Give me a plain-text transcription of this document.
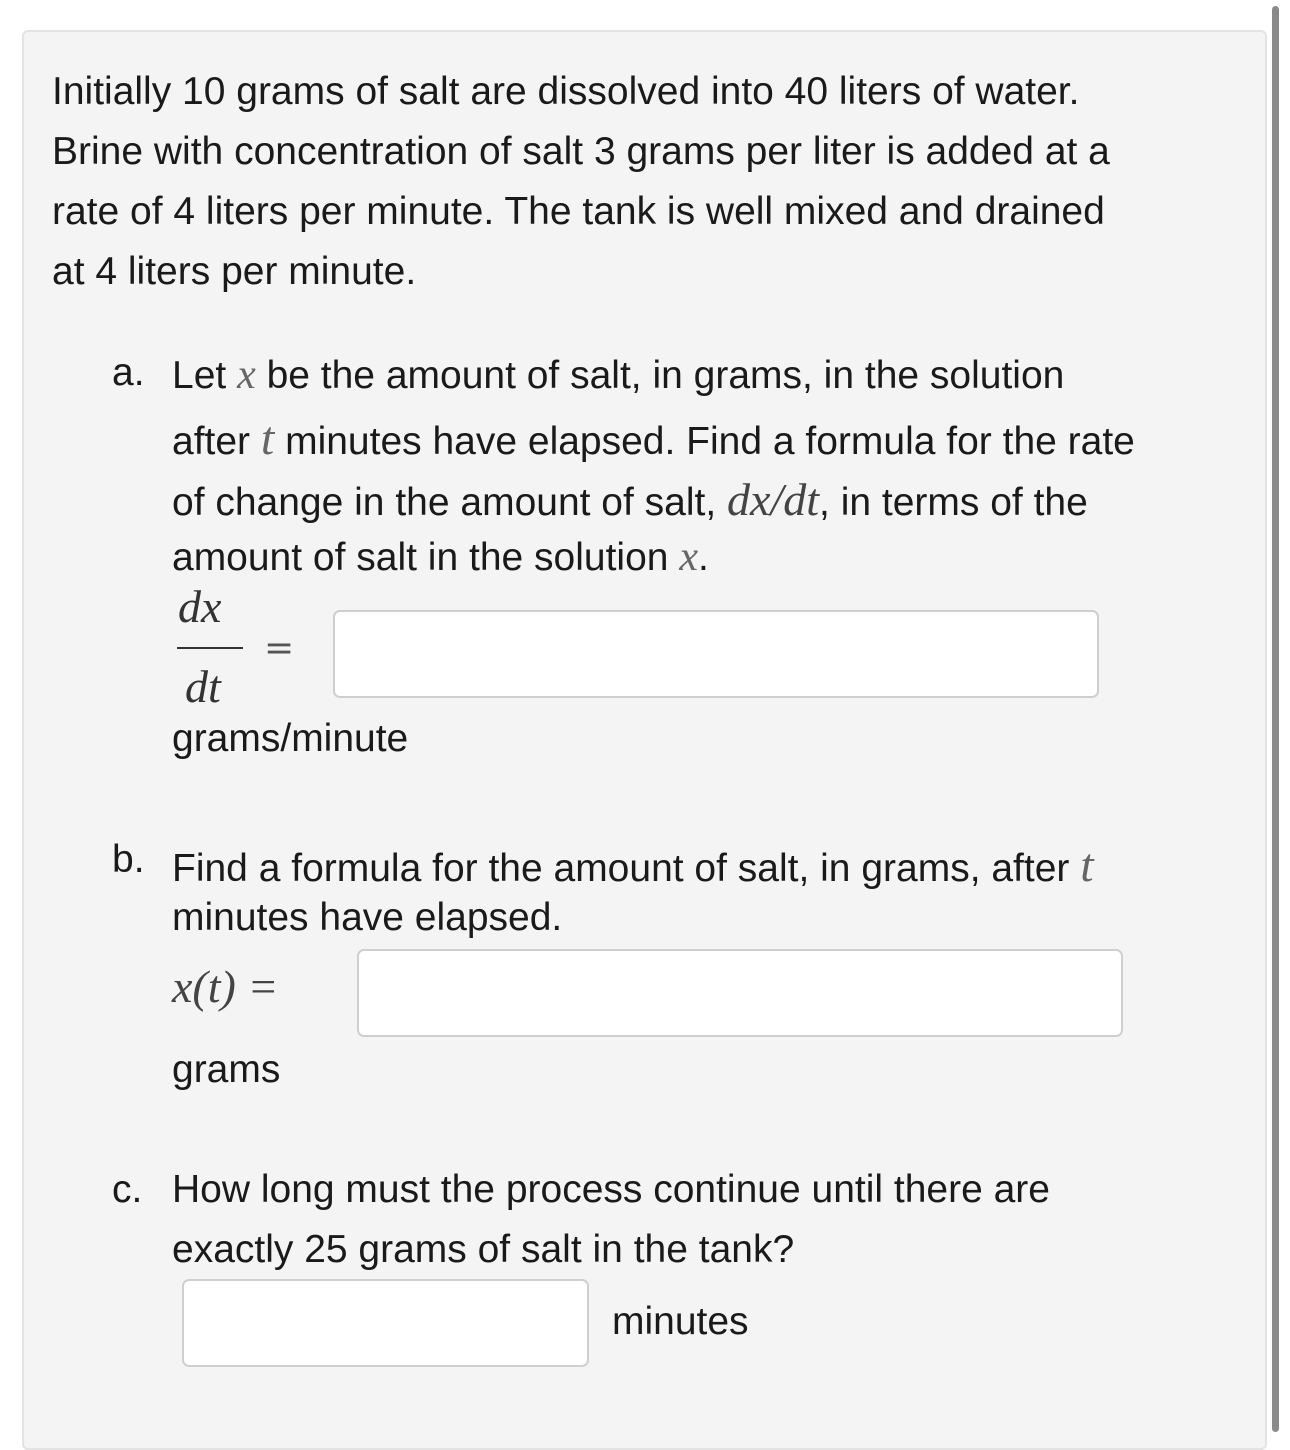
Initially 10 grams of salt are dissolved into 40 liters of water.
Brine with concentration of salt 3 grams per liter is added at a
rate of 4 liters per minute. The tank is well mixed and drained
at 4 liters per minute.
a. Let x be the amount of salt, in grams, in the solution
after t minutes have elapsed. Find a formula for the rate
of change in the amount of salt, dx/dt, in terms of the
amount of salt in the solution x.
dx
dt
=
grams/minute
b. Find a formula for the amount of salt, in grams, after t
minutes have elapsed.
x(t) =
grams
c. How long must the process continue until there are
exactly 25 grams of salt in the tank?
minutes
